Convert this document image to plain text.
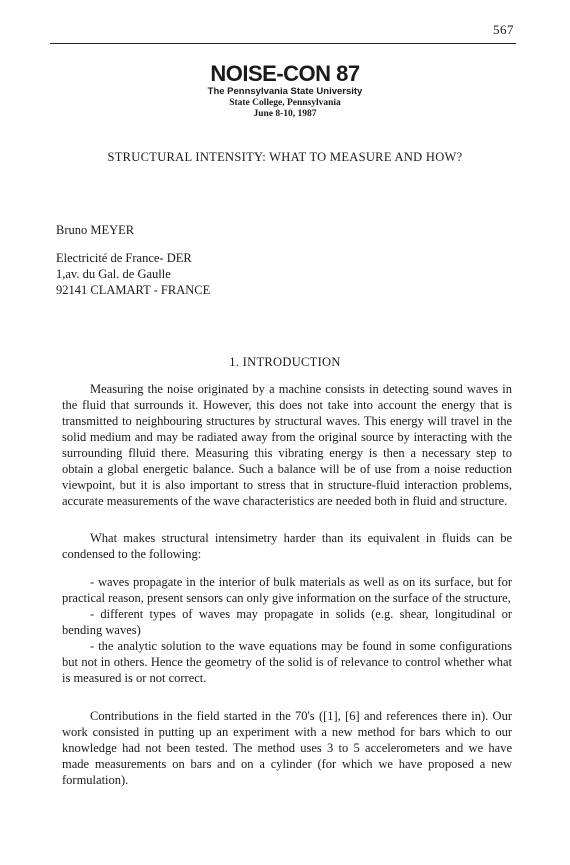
567
NOISE-CON 87
The Pennsylvania State University
State College, Pennsylvania
June 8-10, 1987
STRUCTURAL INTENSITY: WHAT TO MEASURE AND HOW?
Bruno MEYER
Electricité de France- DER
1,av. du Gal. de Gaulle
92141 CLAMART - FRANCE
1. INTRODUCTION

Measuring the noise originated by a machine consists in detecting sound waves in the fluid that surrounds it. However, this does not take into account the energy that is transmitted to neighbouring structures by structural waves. This energy will travel in the solid medium and may be radiated away from the original source by interacting with the surrounding flluid there. Measuring this vibrating energy is then a necessary step to obtain a global energetic balance. Such a balance will be of use from a noise reduction viewpoint, but it is also important to stress that in structure-fluid interaction problems, accurate measurements of the wave characteristics are needed both in fluid and structure.

What makes structural intensimetry harder than its equivalent in fluids can be condensed to the following:

- waves propagate in the interior of bulk materials as well as on its surface, but for practical reason, present sensors can only give information on the surface of the structure,

- different types of waves may propagate in solids (e.g. shear, longitudinal or bending waves)

- the analytic solution to the wave equations may be found in some configurations but not in others. Hence the geometry of the solid is of relevance to control whether what is measured is or not correct.

Contributions in the field started in the 70's ([1], [6] and references there in). Our work consisted in putting up an experiment with a new method for bars which to our knowledge had not been tested. The method uses 3 to 5 accelerometers and we have made measurements on bars and on a cylinder (for which we have proposed a new formulation).
